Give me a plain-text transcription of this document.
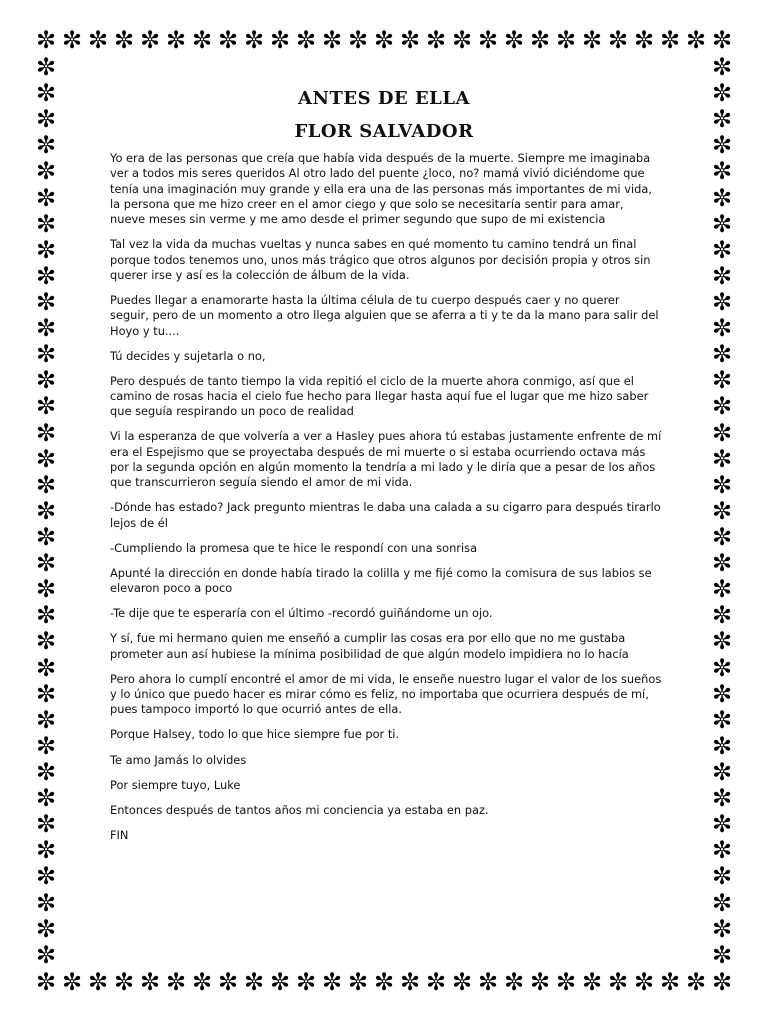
✼ ✼ ✼ ✼ ✼ ✼ ✼ ✼ ✼ ✼ ✼ ✼ ✼ ✼ ✼ ✼ ✼ ✼ ✼ ✼ ✼ ✼ ✼ ✼ ✼ ✼ ✼
✼ ✼ ✼ ✼ ✼ ✼ ✼ ✼ ✼ ✼ ✼ ✼ ✼ ✼ ✼ ✼ ✼ ✼ ✼ ✼ ✼ ✼ ✼ ✼ ✼ ✼ ✼
✼
✼
✼
✼
✼
✼
✼
✼
✼
✼
✼
✼
✼
✼
✼
✼
✼
✼
✼
✼
✼
✼
✼
✼
✼
✼
✼
✼
✼
✼
✼
✼
✼
✼
✼
✼
✼
✼
✼
✼
✼
✼
✼
✼
✼
✼
✼
✼
✼
✼
✼
✼
✼
✼
✼
✼
✼
✼
✼
✼
✼
✼
✼
✼
✼
✼
✼
✼
✼
✼
ANTES DE ELLA
FLOR SALVADOR

Yo era de las personas que creía que había vida después de la muerte. Siempre me imaginaba ver a todos mis seres queridos Al otro lado del puente ¿loco, no? mamá vivió diciéndome que tenía una imaginación muy grande y ella era una de las personas más importantes de mi vida, la persona que me hizo creer en el amor ciego y que solo se necesitaría sentir para amar, nueve meses sin verme y me amo desde el primer segundo que supo de mi existencia

Tal vez la vida da muchas vueltas y nunca sabes en qué momento tu camino tendrá un final porque todos tenemos uno, unos más trágico que otros algunos por decisión propia y otros sin querer irse y así es la colección de álbum de la vida.

Puedes llegar a enamorarte hasta la última célula de tu cuerpo después caer y no querer seguir, pero de un momento a otro llega alguien que se aferra a ti y te da la mano para salir del Hoyo y tu....

Tú decides y sujetarla o no,

Pero después de tanto tiempo la vida repitió el ciclo de la muerte ahora conmigo, así que el camino de rosas hacia el cielo fue hecho para llegar hasta aquí fue el lugar que me hizo saber que seguía respirando un poco de realidad

Vi la esperanza de que volvería a ver a Hasley pues ahora tú estabas justamente enfrente de mí era el Espejismo que se proyectaba después de mi muerte o si estaba ocurriendo octava más por la segunda opción en algún momento la tendría a mi lado y le diría que a pesar de los años que transcurrieron seguía siendo el amor de mi vida.

-Dónde has estado? Jack pregunto mientras le daba una calada a su cigarro para después tirarlo lejos de él

-Cumpliendo la promesa que te hice le respondí con una sonrisa

Apunté la dirección en donde había tirado la colilla y me fijé como la comisura de sus labios se elevaron poco a poco

-Te dije que te esperaría con el último -recordó guiñándome un ojo.

Y sí, fue mi hermano quien me enseñó a cumplir las cosas era por ello que no me gustaba prometer aun así hubiese la mínima posibilidad de que algún modelo impidiera no lo hacía

Pero ahora lo cumplí encontré el amor de mi vida, le enseñe nuestro lugar el valor de los sueños y lo único que puedo hacer es mirar cómo es feliz, no importaba que ocurriera después de mí, pues tampoco importó lo que ocurrió antes de ella.

Porque Halsey, todo lo que hice siempre fue por ti.

Te amo Jamás lo olvides

Por siempre tuyo, Luke

Entonces después de tantos años mi conciencia ya estaba en paz.

FIN
